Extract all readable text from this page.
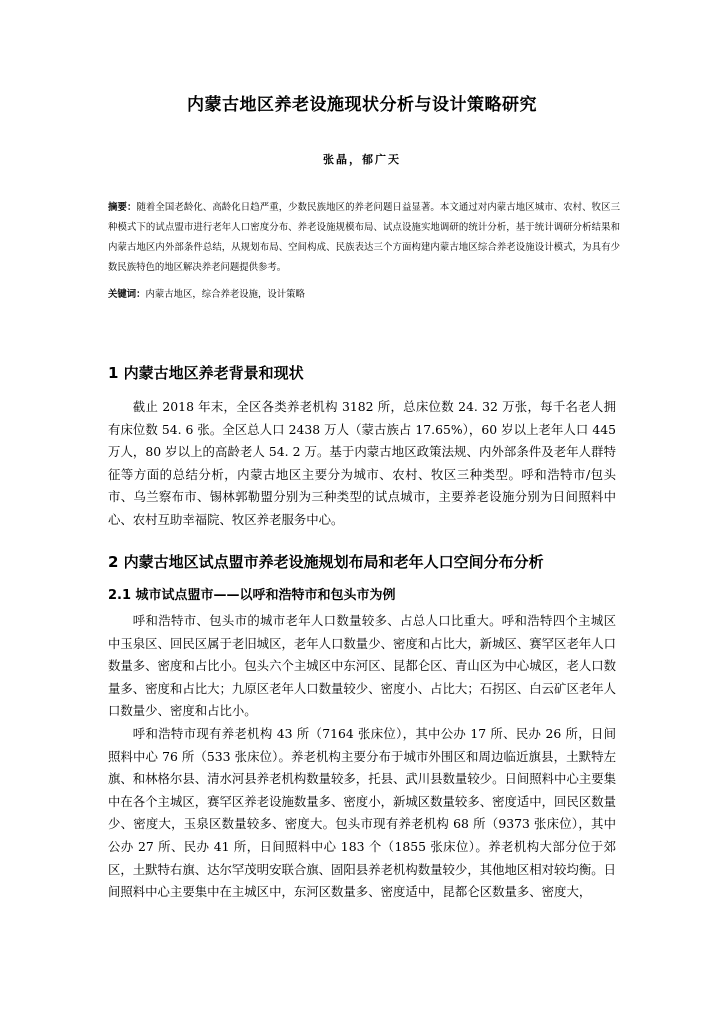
内蒙古地区养老设施现状分析与设计策略研究
张晶，郁广天
摘要：随着全国老龄化、高龄化日趋严重，少数民族地区的养老问题日益显著。本文通过对内蒙古地区城市、农村、牧区三种模式下的试点盟市进行老年人口密度分布、养老设施规模布局、试点设施实地调研的统计分析，基于统计调研分析结果和内蒙古地区内外部条件总结，从规划布局、空间构成、民族表达三个方面构建内蒙古地区综合养老设施设计模式，为具有少数民族特色的地区解决养老问题提供参考。
关键词：内蒙古地区，综合养老设施，设计策略
1 内蒙古地区养老背景和现状
截止 2018 年末，全区各类养老机构 3182 所，总床位数 24. 32 万张，每千名老人拥有床位数 54. 6 张。全区总人口 2438 万人（蒙古族占 17.65%），60 岁以上老年人口 445 万人，80 岁以上的高龄老人 54. 2 万。基于内蒙古地区政策法规、内外部条件及老年人群特征等方面的总结分析，内蒙古地区主要分为城市、农村、牧区三种类型。呼和浩特市/包头市、乌兰察布市、锡林郭勒盟分别为三种类型的试点城市，主要养老设施分别为日间照料中心、农村互助幸福院、牧区养老服务中心。
2 内蒙古地区试点盟市养老设施规划布局和老年人口空间分布分析
2.1 城市试点盟市——以呼和浩特市和包头市为例
呼和浩特市、包头市的城市老年人口数量较多、占总人口比重大。呼和浩特四个主城区中玉泉区、回民区属于老旧城区，老年人口数量少、密度和占比大，新城区、赛罕区老年人口数量多、密度和占比小。包头六个主城区中东河区、昆都仑区、青山区为中心城区，老人口数量多、密度和占比大；九原区老年人口数量较少、密度小、占比大；石拐区、白云矿区老年人口数量少、密度和占比小。
呼和浩特市现有养老机构 43 所（7164 张床位），其中公办 17 所、民办 26 所，日间照料中心 76 所（533 张床位）。养老机构主要分布于城市外围区和周边临近旗县，土默特左旗、和林格尔县、清水河县养老机构数量较多，托县、武川县数量较少。日间照料中心主要集中在各个主城区，赛罕区养老设施数量多、密度小，新城区数量较多、密度适中，回民区数量少、密度大，玉泉区数量较多、密度大。包头市现有养老机构 68 所（9373 张床位），其中公办 27 所、民办 41 所，日间照料中心 183 个（1855 张床位）。养老机构大部分位于郊区，土默特右旗、达尔罕茂明安联合旗、固阳县养老机构数量较少，其他地区相对较均衡。日间照料中心主要集中在主城区中，东河区数量多、密度适中，昆都仑区数量多、密度大，
